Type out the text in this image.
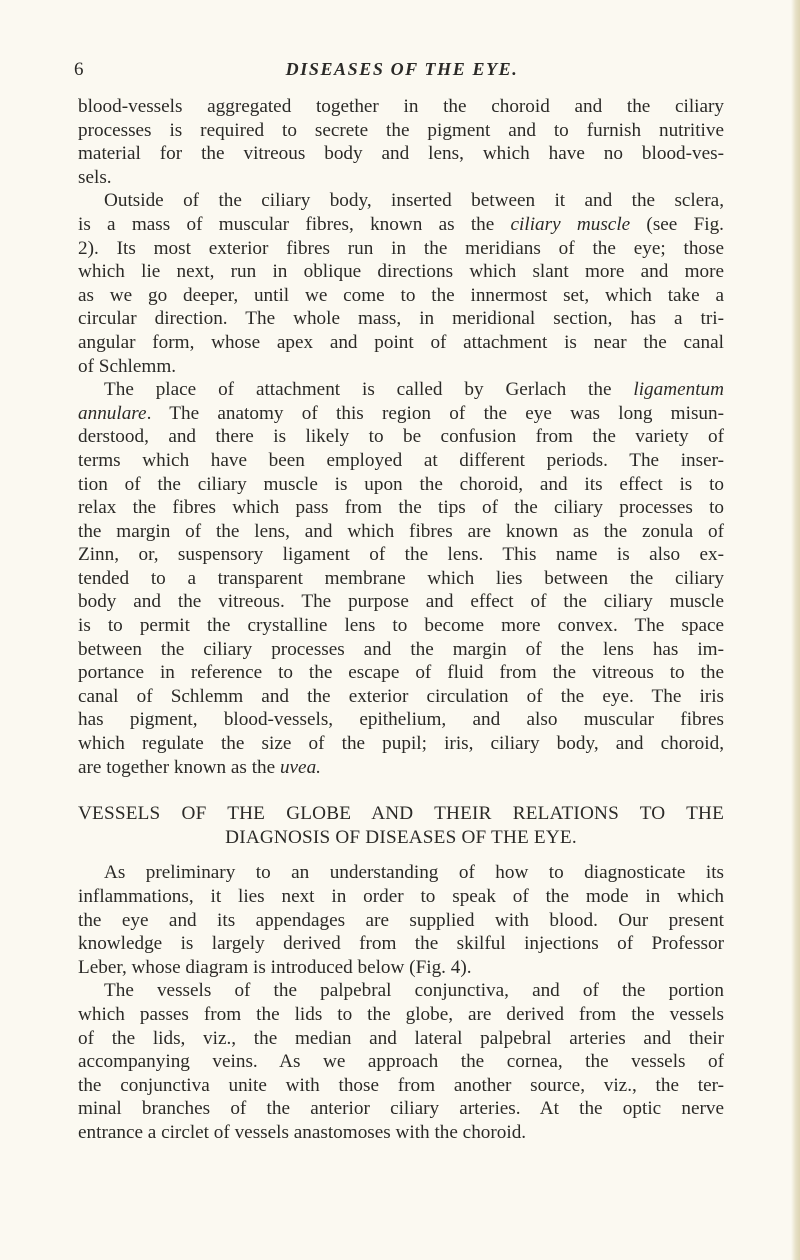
6	DISEASES OF THE EYE.
blood-vessels aggregated together in the choroid and the ciliary
processes is required to secrete the pigment and to furnish nutritive
material for the vitreous body and lens, which have no blood-ves-
sels.
Outside of the ciliary body, inserted between it and the sclera,
is a mass of muscular fibres, known as the ciliary muscle (see Fig.
2). Its most exterior fibres run in the meridians of the eye; those
which lie next, run in oblique directions which slant more and more
as we go deeper, until we come to the innermost set, which take a
circular direction. The whole mass, in meridional section, has a tri-
angular form, whose apex and point of attachment is near the canal
of Schlemm.
The place of attachment is called by Gerlach the ligamentum
annulare. The anatomy of this region of the eye was long misun-
derstood, and there is likely to be confusion from the variety of
terms which have been employed at different periods. The inser-
tion of the ciliary muscle is upon the choroid, and its effect is to
relax the fibres which pass from the tips of the ciliary processes to
the margin of the lens, and which fibres are known as the zonula of
Zinn, or, suspensory ligament of the lens. This name is also ex-
tended to a transparent membrane which lies between the ciliary
body and the vitreous. The purpose and effect of the ciliary muscle
is to permit the crystalline lens to become more convex. The space
between the ciliary processes and the margin of the lens has im-
portance in reference to the escape of fluid from the vitreous to the
canal of Schlemm and the exterior circulation of the eye. The iris
has pigment, blood-vessels, epithelium, and also muscular fibres
which regulate the size of the pupil; iris, ciliary body, and choroid,
are together known as the uvea.
VESSELS OF THE GLOBE AND THEIR RELATIONS TO THE
DIAGNOSIS OF DISEASES OF THE EYE.
As preliminary to an understanding of how to diagnosticate its
inflammations, it lies next in order to speak of the mode in which
the eye and its appendages are supplied with blood. Our present
knowledge is largely derived from the skilful injections of Professor
Leber, whose diagram is introduced below (Fig. 4).
The vessels of the palpebral conjunctiva, and of the portion
which passes from the lids to the globe, are derived from the vessels
of the lids, viz., the median and lateral palpebral arteries and their
accompanying veins. As we approach the cornea, the vessels of
the conjunctiva unite with those from another source, viz., the ter-
minal branches of the anterior ciliary arteries. At the optic nerve
entrance a circlet of vessels anastomoses with the choroid.
